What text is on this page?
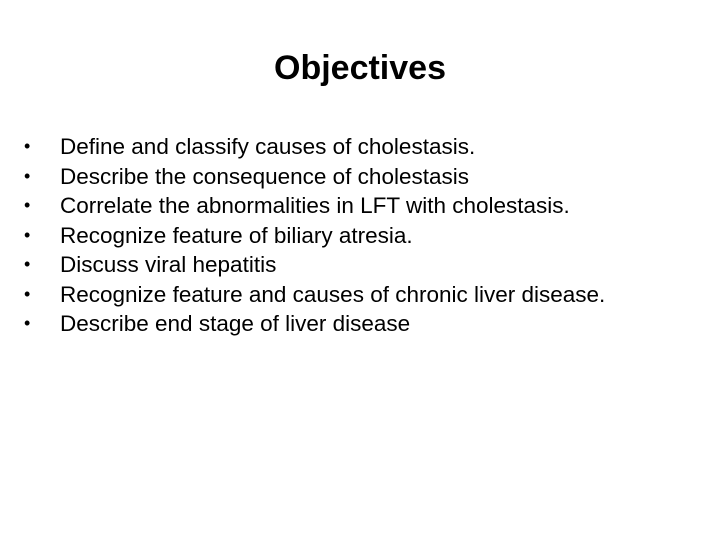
Objectives
•	Define and classify causes of cholestasis.
•	Describe the consequence of cholestasis
•	Correlate the abnormalities in LFT with cholestasis.
•	Recognize feature of biliary atresia.
•	Discuss viral hepatitis
•	Recognize feature and causes of chronic liver disease.
•	Describe end stage of liver disease
